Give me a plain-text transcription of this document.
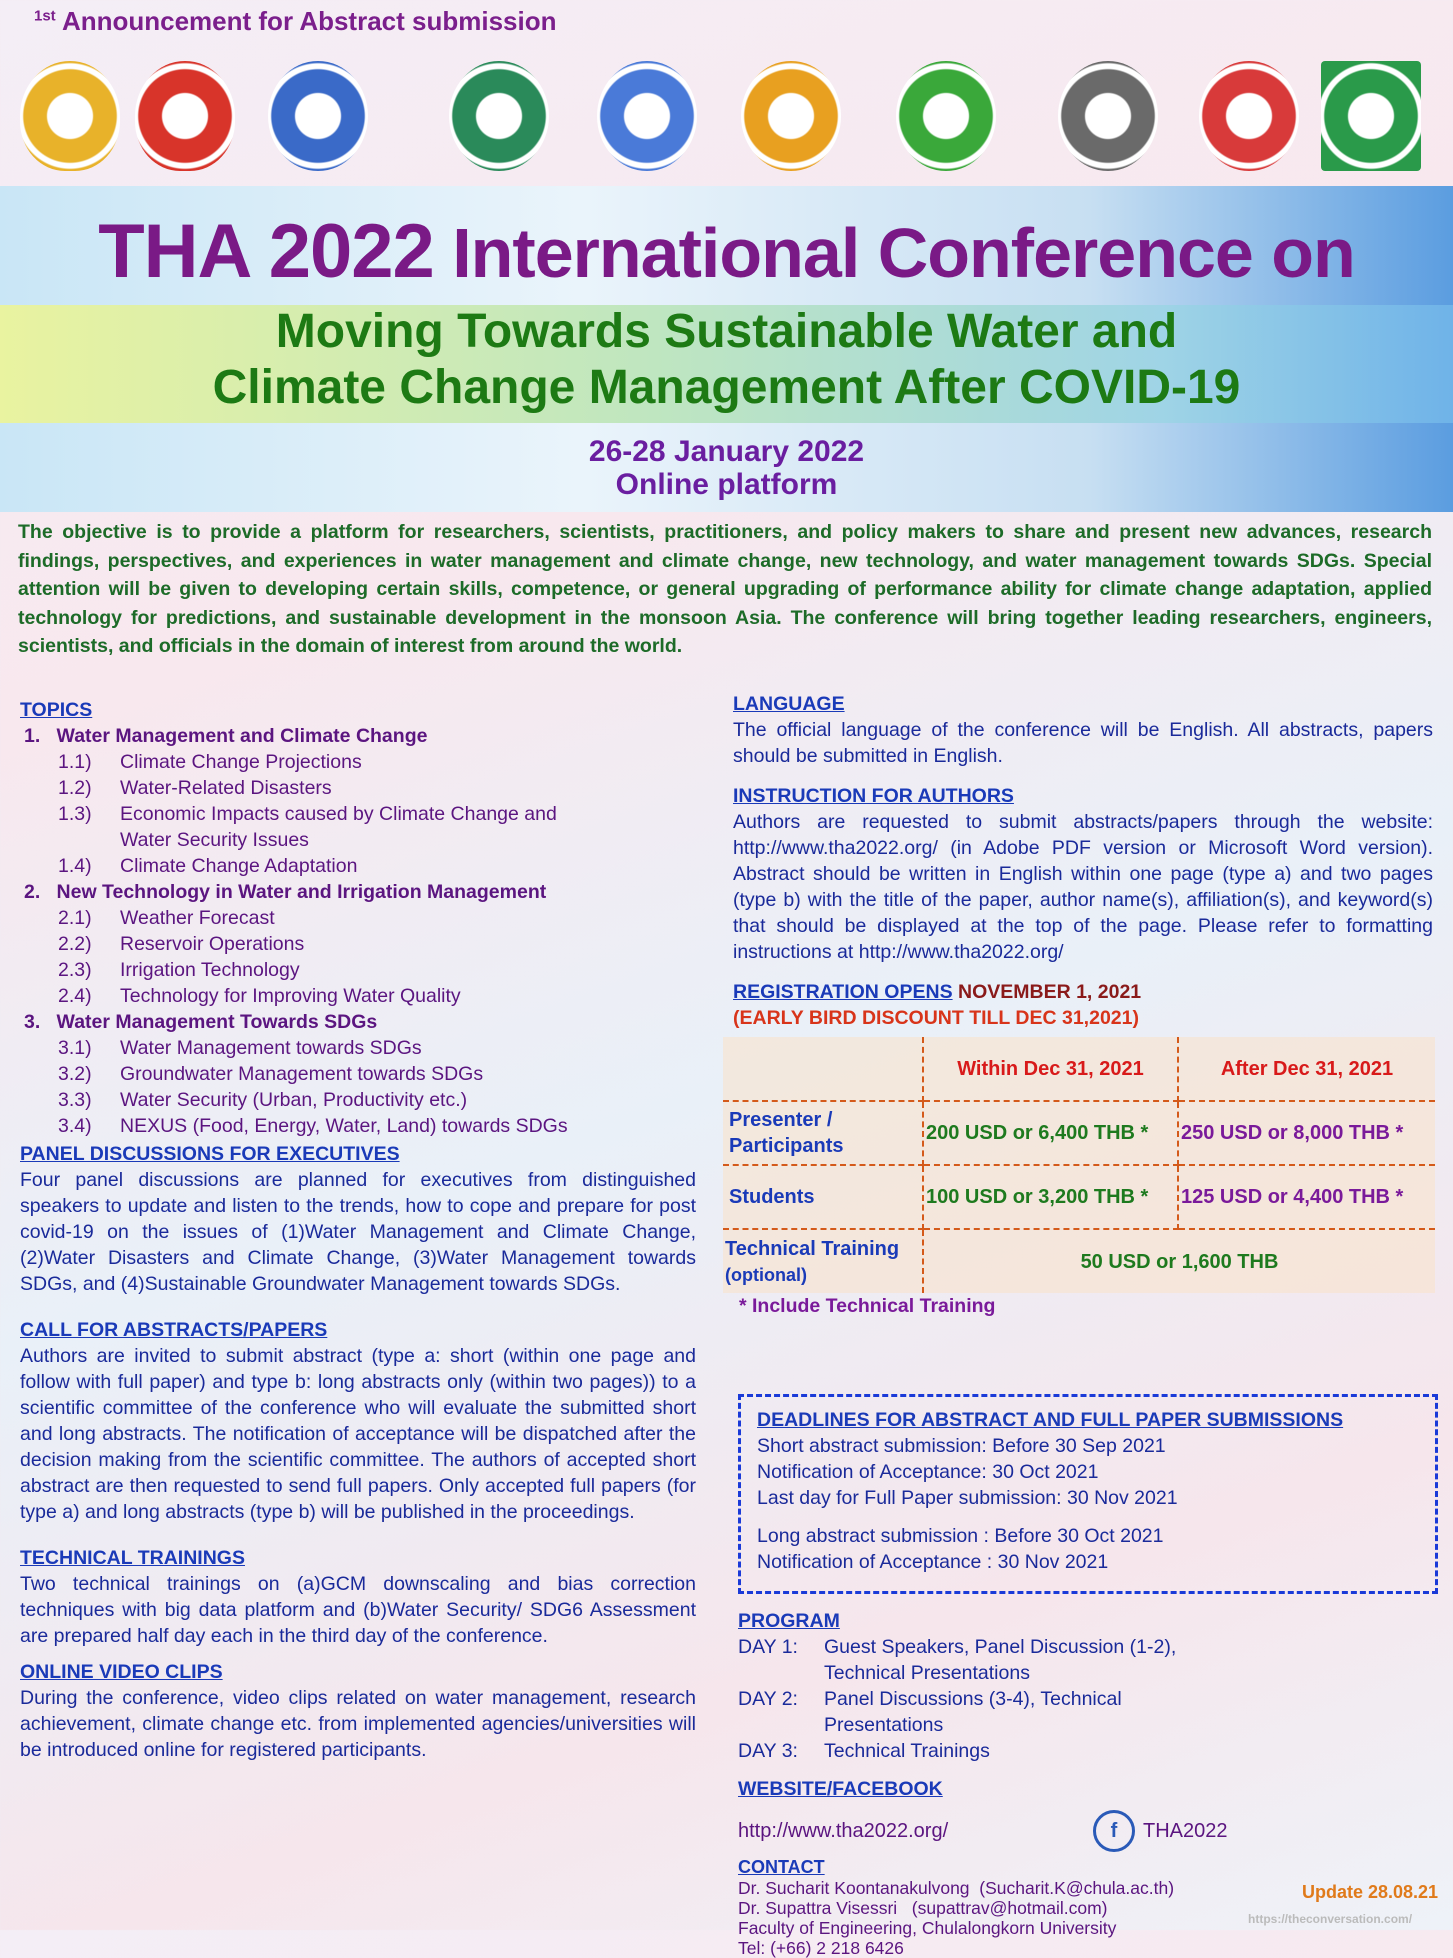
$^{1st}$ Announcement for Abstract submission
THA 2022 International Conference on
Moving Towards Sustainable Water and
Climate Change Management After COVID-19
26-28 January 2022
Online platform
The objective is to provide a platform for researchers, scientists, practitioners, and policy makers to share and present new advances, research findings, perspectives, and experiences in water management and climate change, new technology, and water management towards SDGs. Special attention will be given to developing certain skills, competence, or general upgrading of performance ability for climate change adaptation, applied technology for predictions, and sustainable development in the monsoon Asia. The conference will bring together leading researchers, engineers, scientists, and officials in the domain of interest from around the world.
TOPICS
1.   Water Management and Climate Change
1.1)	Climate Change Projections
1.2)	Water-Related Disasters
1.3)	Economic Impacts caused by Climate Change and Water Security Issues
1.4)	Climate Change Adaptation
2.   New Technology in Water and Irrigation Management
2.1)	Weather Forecast
2.2)	Reservoir Operations
2.3)	Irrigation Technology
2.4)	Technology for Improving Water Quality
3.   Water Management Towards SDGs
3.1)	Water Management towards SDGs
3.2)	Groundwater Management towards SDGs
3.3)	Water Security (Urban, Productivity etc.)
3.4)	NEXUS (Food, Energy, Water, Land) towards SDGs
PANEL DISCUSSIONS FOR EXECUTIVES
Four panel discussions are planned for executives from distinguished speakers to update and listen to the trends, how to cope and prepare for post covid-19 on the issues of (1)Water Management and Climate Change, (2)Water Disasters and Climate Change, (3)Water Management towards SDGs, and (4)Sustainable Groundwater Management towards SDGs.
CALL FOR ABSTRACTS/PAPERS
Authors are invited to submit abstract (type a: short (within one page and follow with full paper) and type b: long abstracts only (within two pages)) to a scientific committee of the conference who will evaluate the submitted short and long abstracts. The notification of acceptance will be dispatched after the decision making from the scientific committee. The authors of accepted short abstract are then requested to send full papers. Only accepted full papers (for type a) and long abstracts (type b) will be published in the proceedings.
TECHNICAL TRAININGS
Two technical trainings on (a)GCM downscaling and bias correction techniques with big data platform and (b)Water Security/ SDG6 Assessment are prepared half day each in the third day of the conference.
ONLINE VIDEO CLIPS
During the conference, video clips related on water management, research achievement, climate change etc. from implemented agencies/universities will be introduced online for registered participants.
LANGUAGE
The official language of the conference will be English. All abstracts, papers should be submitted in English.
INSTRUCTION FOR AUTHORS
Authors are requested to submit abstracts/papers through the website: http://www.tha2022.org/ (in Adobe PDF version or Microsoft Word version). Abstract should be written in English within one page (type a) and two pages (type b) with the title of the paper, author name(s), affiliation(s), and keyword(s) that should be displayed at the top of the page. Please refer to formatting instructions at http://www.tha2022.org/
REGISTRATION OPENS NOVEMBER 1, 2021
(EARLY BIRD DISCOUNT TILL DEC 31,2021)
	Within Dec 31, 2021	After Dec 31, 2021
Presenter / Participants	200 USD or 6,400 THB *	250 USD or 8,000 THB *
Students	100 USD or 3,200 THB *	125 USD or 4,400 THB *
Technical Training
(optional)	50 USD or 1,600 THB	
* Include Technical Training
DEADLINES FOR ABSTRACT AND FULL PAPER SUBMISSIONS
Short abstract submission: Before 30 Sep 2021
Notification of Acceptance: 30 Oct 2021
Last day for Full Paper submission: 30 Nov 2021
Long abstract submission : Before 30 Oct 2021
Notification of Acceptance : 30 Nov 2021
PROGRAM
DAY 1:	Guest Speakers, Panel Discussion (1-2), Technical Presentations
DAY 2:	Panel Discussions (3-4), Technical Presentations
DAY 3:	Technical Trainings
WEBSITE/FACEBOOK
http://www.tha2022.org/	f	THA2022
CONTACT
Dr. Sucharit Koontanakulvong  (Sucharit.K@chula.ac.th)
Dr. Supattra Visessri   (supattrav@hotmail.com)
Faculty of Engineering, Chulalongkorn University
Tel: (+66) 2 218 6426
Update 28.08.21
https://theconversation.com/
